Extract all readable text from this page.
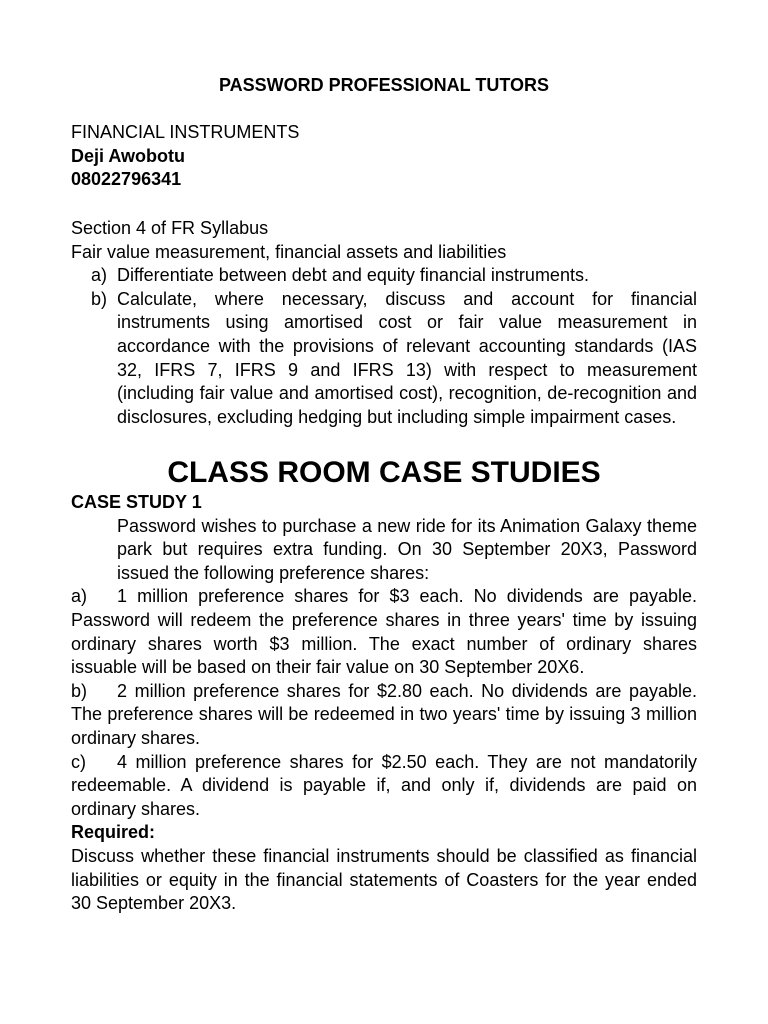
PASSWORD PROFESSIONAL TUTORS
FINANCIAL INSTRUMENTS
Deji Awobotu
08022796341
Section 4 of FR Syllabus
Fair value measurement, financial assets and liabilities
a) Differentiate between debt and equity financial instruments.
b) Calculate, where necessary, discuss and account for financial instruments using amortised cost or fair value measurement in accordance with the provisions of relevant accounting standards (IAS 32, IFRS 7, IFRS 9 and IFRS 13) with respect to measurement (including fair value and amortised cost), recognition, de-recognition and disclosures, excluding hedging but including simple impairment cases.
CLASS ROOM CASE STUDIES
CASE STUDY 1
Password wishes to purchase a new ride for its Animation Galaxy theme park but requires extra funding. On 30 September 20X3, Password issued the following preference shares:
a) 1 million preference shares for $3 each. No dividends are payable. Password will redeem the preference shares in three years' time by issuing ordinary shares worth $3 million. The exact number of ordinary shares issuable will be based on their fair value on 30 September 20X6.
b) 2 million preference shares for $2.80 each. No dividends are payable. The preference shares will be redeemed in two years' time by issuing 3 million ordinary shares.
c) 4 million preference shares for $2.50 each. They are not mandatorily redeemable. A dividend is payable if, and only if, dividends are paid on ordinary shares.
Required:
Discuss whether these financial instruments should be classified as financial liabilities or equity in the financial statements of Coasters for the year ended 30 September 20X3.
